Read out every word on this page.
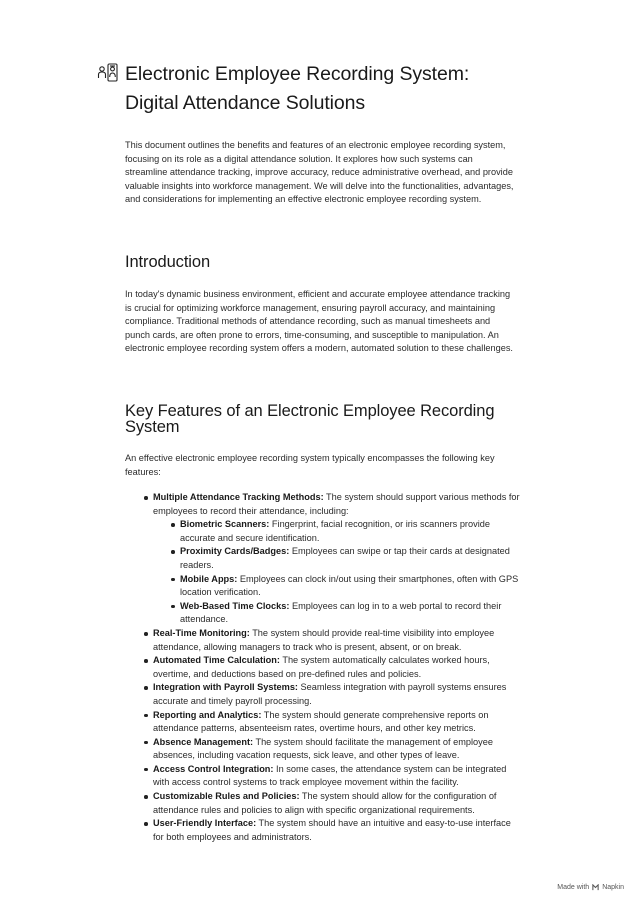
Electronic Employee Recording System: Digital Attendance Solutions

This document outlines the benefits and features of an electronic employee recording system, focusing on its role as a digital attendance solution. It explores how such systems can streamline attendance tracking, improve accuracy, reduce administrative overhead, and provide valuable insights into workforce management. We will delve into the functionalities, advantages, and considerations for implementing an effective electronic employee recording system.

Introduction

In today's dynamic business environment, efficient and accurate employee attendance tracking is crucial for optimizing workforce management, ensuring payroll accuracy, and maintaining compliance. Traditional methods of attendance recording, such as manual timesheets and punch cards, are often prone to errors, time-consuming, and susceptible to manipulation. An electronic employee recording system offers a modern, automated solution to these challenges.

Key Features of an Electronic Employee Recording System

An effective electronic employee recording system typically encompasses the following key features:

Multiple Attendance Tracking Methods: The system should support various methods for employees to record their attendance, including:
Biometric Scanners: Fingerprint, facial recognition, or iris scanners provide accurate and secure identification.
Proximity Cards/Badges: Employees can swipe or tap their cards at designated readers.
Mobile Apps: Employees can clock in/out using their smartphones, often with GPS location verification.
Web-Based Time Clocks: Employees can log in to a web portal to record their attendance.
Real-Time Monitoring: The system should provide real-time visibility into employee attendance, allowing managers to track who is present, absent, or on break.
Automated Time Calculation: The system automatically calculates worked hours, overtime, and deductions based on pre-defined rules and policies.
Integration with Payroll Systems: Seamless integration with payroll systems ensures accurate and timely payroll processing.
Reporting and Analytics: The system should generate comprehensive reports on attendance patterns, absenteeism rates, overtime hours, and other key metrics.
Absence Management: The system should facilitate the management of employee absences, including vacation requests, sick leave, and other types of leave.
Access Control Integration: In some cases, the attendance system can be integrated with access control systems to track employee movement within the facility.
Customizable Rules and Policies: The system should allow for the configuration of attendance rules and policies to align with specific organizational requirements.
User-Friendly Interface: The system should have an intuitive and easy-to-use interface for both employees and administrators.
Made with Napkin
